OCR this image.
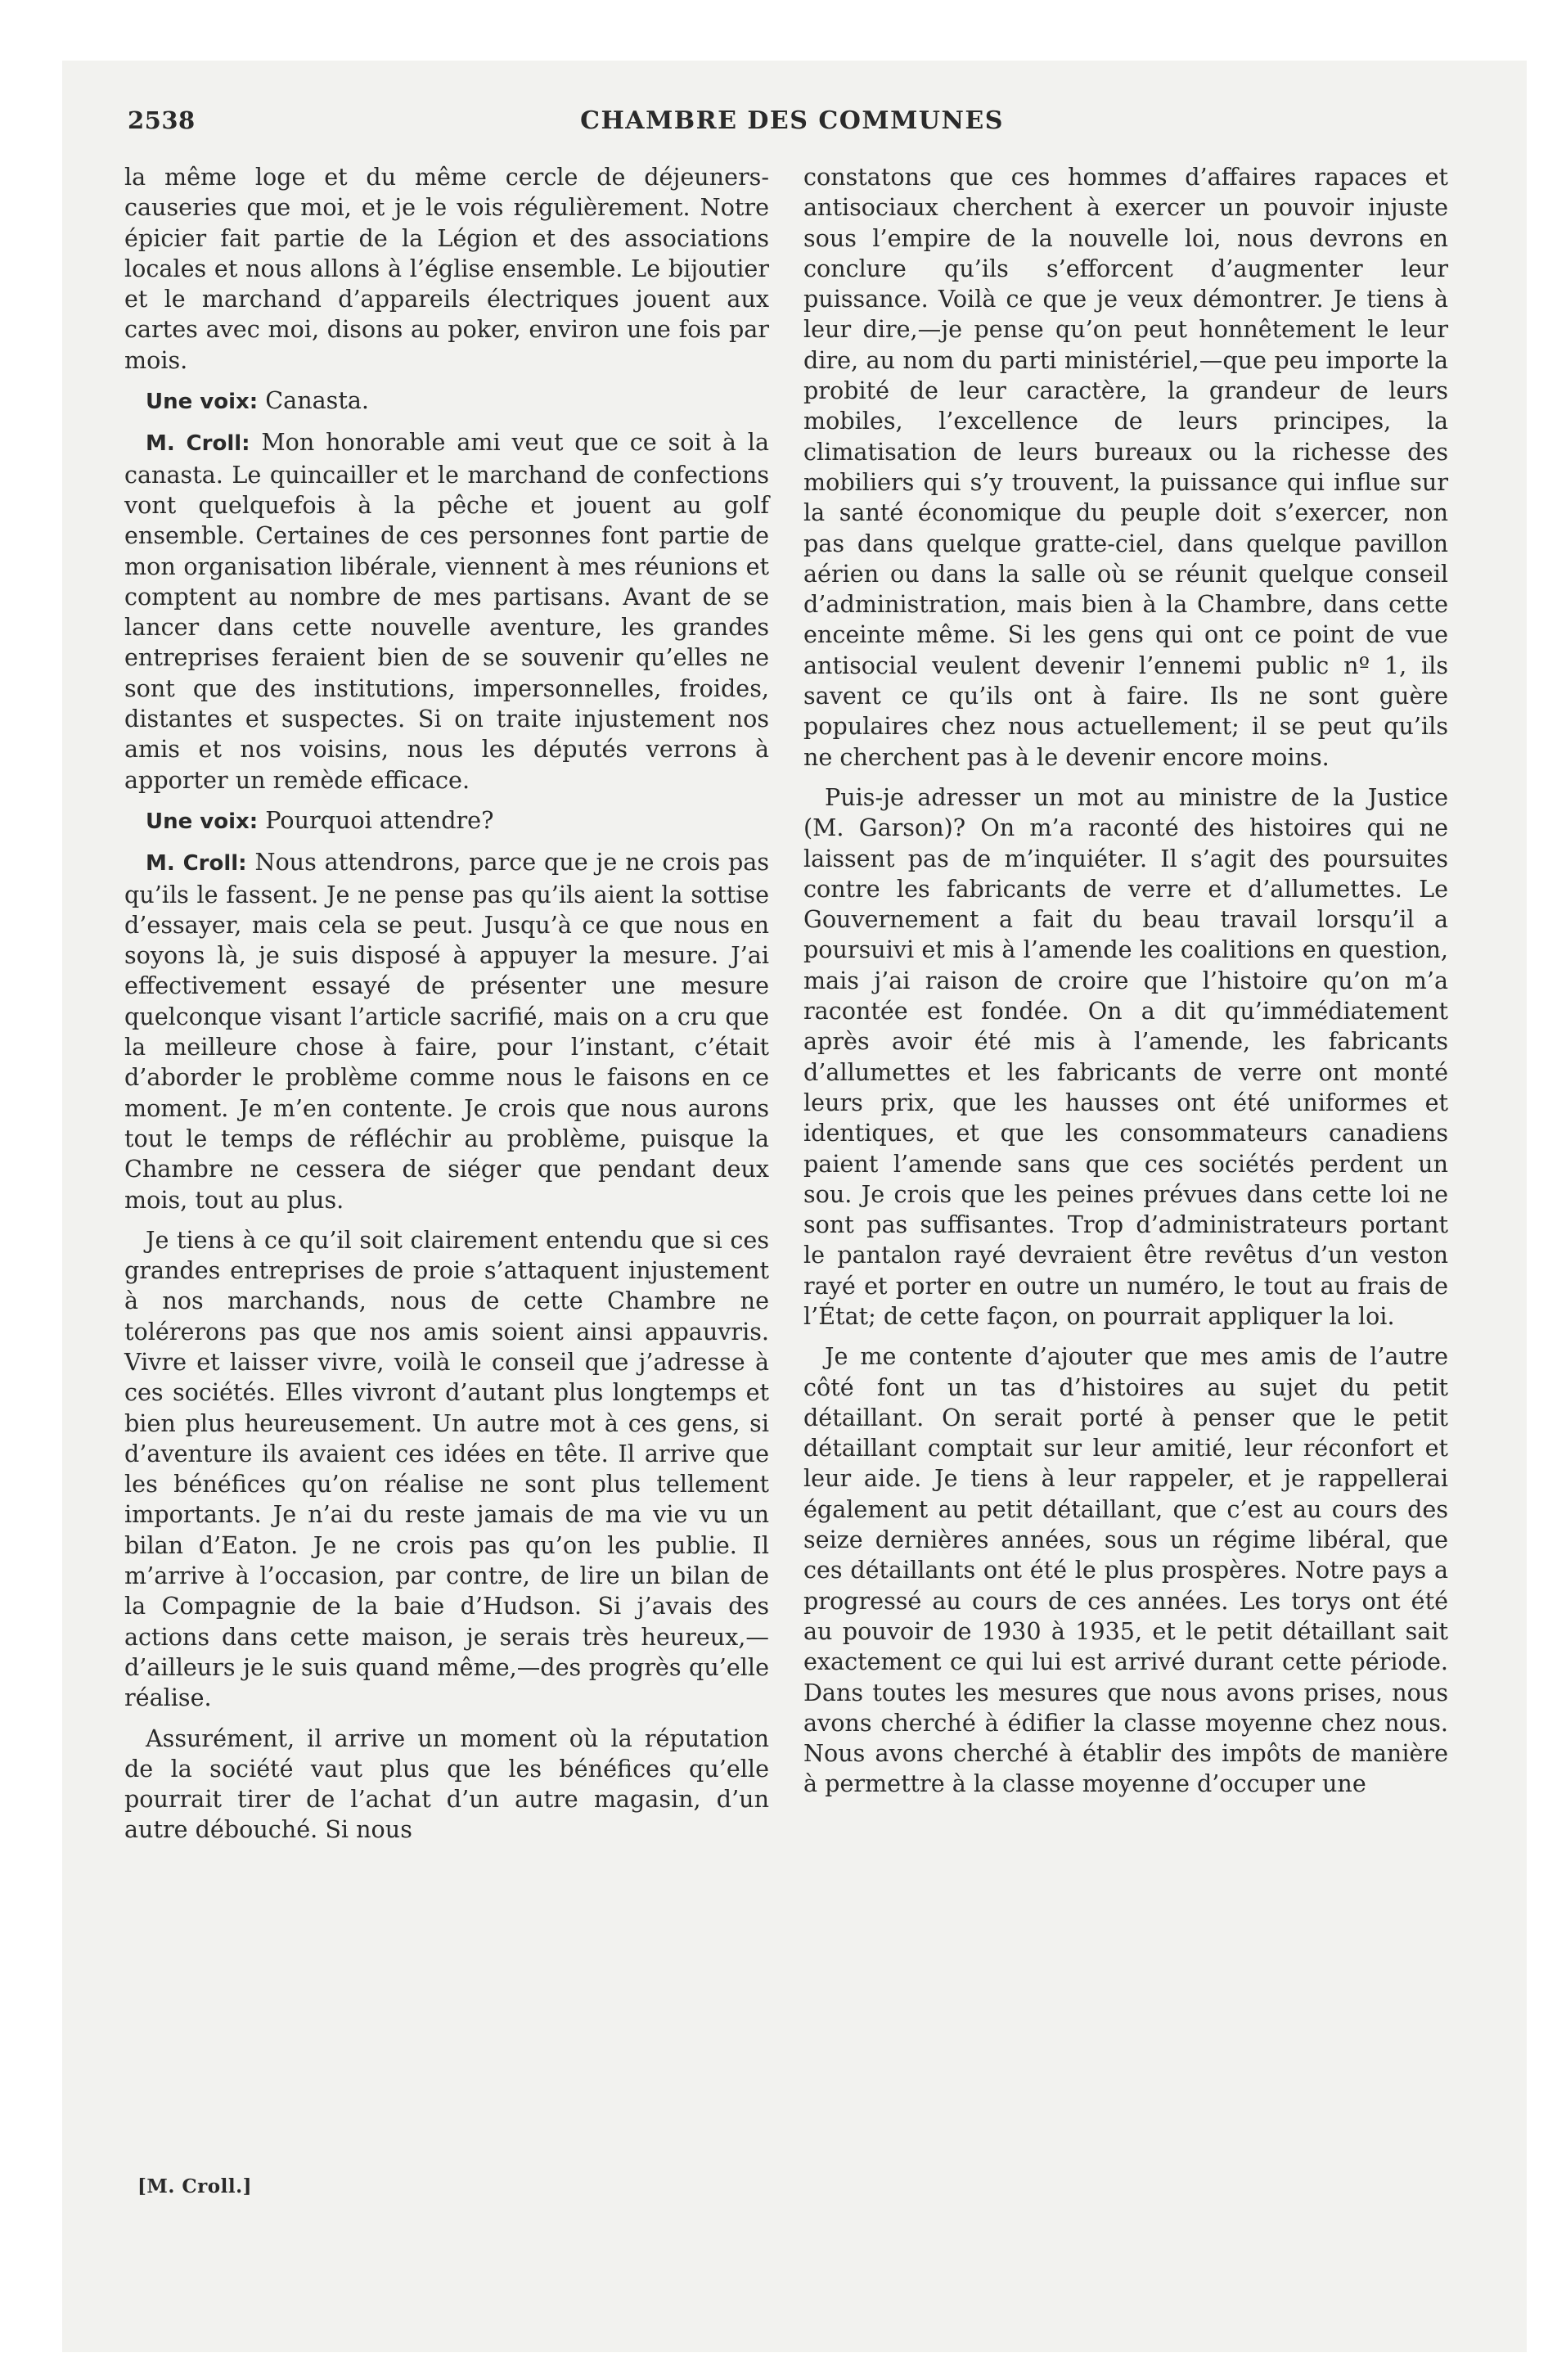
2538	CHAMBRE DES COMMUNES

la même loge et du même cercle de déjeuners-causeries que moi, et je le vois régulièrement. Notre épicier fait partie de la Légion et des associations locales et nous allons à l’église ensemble. Le bijoutier et le marchand d’appareils électriques jouent aux cartes avec moi, disons au poker, environ une fois par mois.

Une voix: Canasta.

M. Croll: Mon honorable ami veut que ce soit à la canasta. Le quincailler et le marchand de confections vont quelquefois à la pêche et jouent au golf ensemble. Certaines de ces personnes font partie de mon organisation libérale, viennent à mes réunions et comptent au nombre de mes partisans. Avant de se lancer dans cette nouvelle aventure, les grandes entreprises feraient bien de se souvenir qu’elles ne sont que des institutions, impersonnelles, froides, distantes et suspectes. Si on traite injustement nos amis et nos voisins, nous les députés verrons à apporter un remède efficace.

Une voix: Pourquoi attendre?

M. Croll: Nous attendrons, parce que je ne crois pas qu’ils le fassent. Je ne pense pas qu’ils aient la sottise d’essayer, mais cela se peut. Jusqu’à ce que nous en soyons là, je suis disposé à appuyer la mesure. J’ai effectivement essayé de présenter une mesure quelconque visant l’article sacrifié, mais on a cru que la meilleure chose à faire, pour l’instant, c’était d’aborder le problème comme nous le faisons en ce moment. Je m’en contente. Je crois que nous aurons tout le temps de réfléchir au problème, puisque la Chambre ne cessera de siéger que pendant deux mois, tout au plus.

Je tiens à ce qu’il soit clairement entendu que si ces grandes entreprises de proie s’attaquent injustement à nos marchands, nous de cette Chambre ne tolérerons pas que nos amis soient ainsi appauvris. Vivre et laisser vivre, voilà le conseil que j’adresse à ces sociétés. Elles vivront d’autant plus longtemps et bien plus heureusement. Un autre mot à ces gens, si d’aventure ils avaient ces idées en tête. Il arrive que les bénéfices qu’on réalise ne sont plus tellement importants. Je n’ai du reste jamais de ma vie vu un bilan d’Eaton. Je ne crois pas qu’on les publie. Il m’arrive à l’occasion, par contre, de lire un bilan de la Compagnie de la baie d’Hudson. Si j’avais des actions dans cette maison, je serais très heureux,—d’ailleurs je le suis quand même,—des progrès qu’elle réalise.

Assurément, il arrive un moment où la réputation de la société vaut plus que les bénéfices qu’elle pourrait tirer de l’achat d’un autre magasin, d’un autre débouché. Si nous

constatons que ces hommes d’affaires rapaces et antisociaux cherchent à exercer un pouvoir injuste sous l’empire de la nouvelle loi, nous devrons en conclure qu’ils s’efforcent d’augmenter leur puissance. Voilà ce que je veux démontrer. Je tiens à leur dire,—je pense qu’on peut honnêtement le leur dire, au nom du parti ministériel,—que peu importe la probité de leur caractère, la grandeur de leurs mobiles, l’excellence de leurs principes, la climatisation de leurs bureaux ou la richesse des mobiliers qui s’y trouvent, la puissance qui influe sur la santé économique du peuple doit s’exercer, non pas dans quelque gratte-ciel, dans quelque pavillon aérien ou dans la salle où se réunit quelque conseil d’administration, mais bien à la Chambre, dans cette enceinte même. Si les gens qui ont ce point de vue antisocial veulent devenir l’ennemi public nº 1, ils savent ce qu’ils ont à faire. Ils ne sont guère populaires chez nous actuellement; il se peut qu’ils ne cherchent pas à le devenir encore moins.

Puis-je adresser un mot au ministre de la Justice (M. Garson)? On m’a raconté des histoires qui ne laissent pas de m’inquiéter. Il s’agit des poursuites contre les fabricants de verre et d’allumettes. Le Gouvernement a fait du beau travail lorsqu’il a poursuivi et mis à l’amende les coalitions en question, mais j’ai raison de croire que l’histoire qu’on m’a racontée est fondée. On a dit qu’immédiatement après avoir été mis à l’amende, les fabricants d’allumettes et les fabricants de verre ont monté leurs prix, que les hausses ont été uniformes et identiques, et que les consommateurs canadiens paient l’amende sans que ces sociétés perdent un sou. Je crois que les peines prévues dans cette loi ne sont pas suffisantes. Trop d’administrateurs portant le pantalon rayé devraient être revêtus d’un veston rayé et porter en outre un numéro, le tout au frais de l’État; de cette façon, on pourrait appliquer la loi.

Je me contente d’ajouter que mes amis de l’autre côté font un tas d’histoires au sujet du petit détaillant. On serait porté à penser que le petit détaillant comptait sur leur amitié, leur réconfort et leur aide. Je tiens à leur rappeler, et je rappellerai également au petit détaillant, que c’est au cours des seize dernières années, sous un régime libéral, que ces détaillants ont été le plus prospères. Notre pays a progressé au cours de ces années. Les torys ont été au pouvoir de 1930 à 1935, et le petit détaillant sait exactement ce qui lui est arrivé durant cette période. Dans toutes les mesures que nous avons prises, nous avons cherché à édifier la classe moyenne chez nous. Nous avons cherché à établir des impôts de manière à permettre à la classe moyenne d’occuper une

[M. Croll.]
